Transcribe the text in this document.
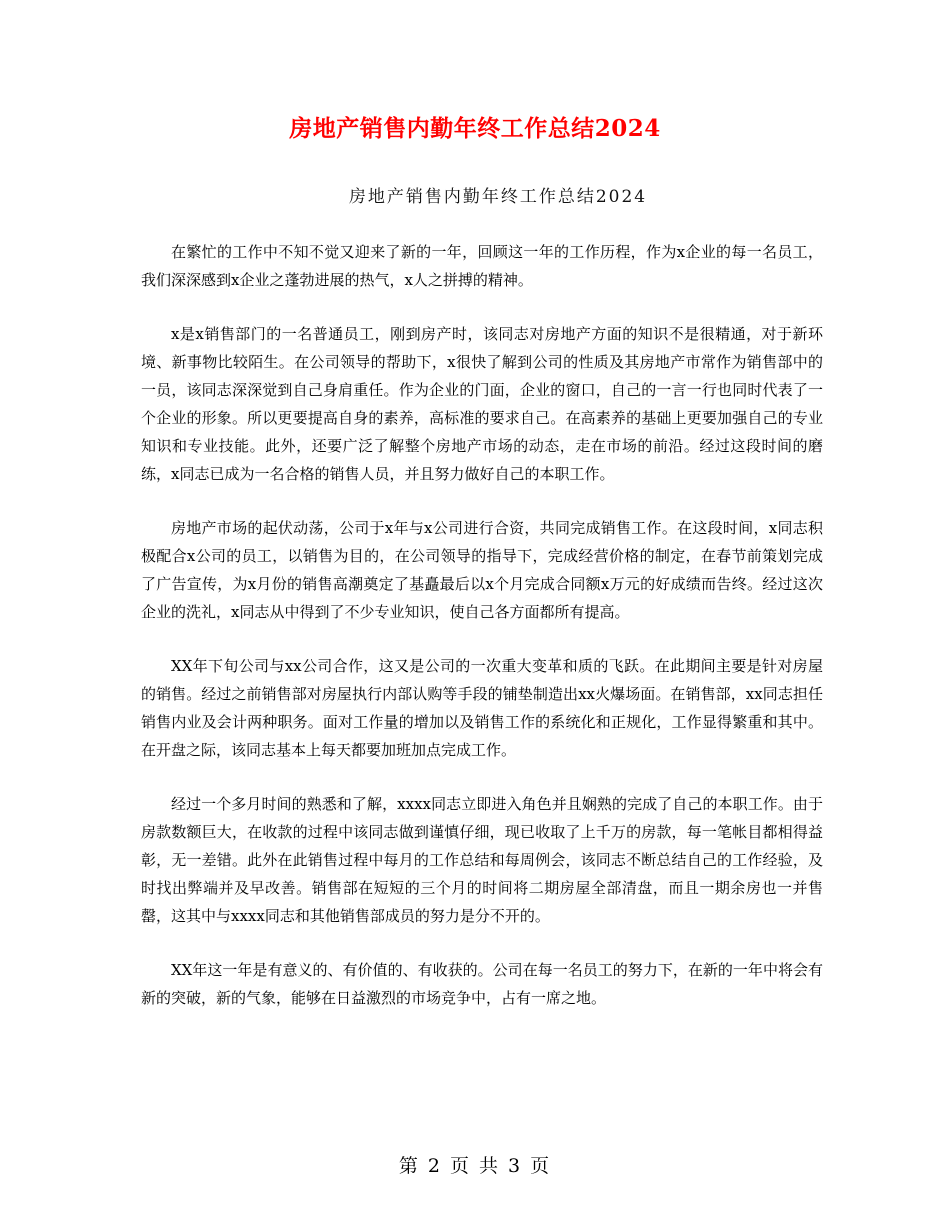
房地产销售内勤年终工作总结2024
房地产销售内勤年终工作总结2024

在繁忙的工作中不知不觉又迎来了新的一年，回顾这一年的工作历程，作为x企业的每一名员工，我们深深感到x企业之蓬勃进展的热气，x人之拼搏的精神。

x是x销售部门的一名普通员工，刚到房产时，该同志对房地产方面的知识不是很精通，对于新环境、新事物比较陌生。在公司领导的帮助下，x很快了解到公司的性质及其房地产市常作为销售部中的一员，该同志深深觉到自己身肩重任。作为企业的门面，企业的窗口，自己的一言一行也同时代表了一个企业的形象。所以更要提高自身的素养，高标准的要求自己。在高素养的基础上更要加强自己的专业知识和专业技能。此外，还要广泛了解整个房地产市场的动态，走在市场的前沿。经过这段时间的磨练，x同志已成为一名合格的销售人员，并且努力做好自己的本职工作。

房地产市场的起伏动荡，公司于x年与x公司进行合资，共同完成销售工作。在这段时间，x同志积极配合x公司的员工，以销售为目的，在公司领导的指导下，完成经营价格的制定，在春节前策划完成了广告宣传，为x月份的销售高潮奠定了基矗最后以x个月完成合同额x万元的好成绩而告终。经过这次企业的洗礼，x同志从中得到了不少专业知识，使自己各方面都所有提高。

XX年下旬公司与xx公司合作，这又是公司的一次重大变革和质的飞跃。在此期间主要是针对房屋的销售。经过之前销售部对房屋执行内部认购等手段的铺垫制造出xx火爆场面。在销售部，xx同志担任销售内业及会计两种职务。面对工作量的增加以及销售工作的系统化和正规化，工作显得繁重和其中。在开盘之际，该同志基本上每天都要加班加点完成工作。

经过一个多月时间的熟悉和了解，xxxx同志立即进入角色并且娴熟的完成了自己的本职工作。由于房款数额巨大，在收款的过程中该同志做到谨慎仔细，现已收取了上千万的房款，每一笔帐目都相得益彰，无一差错。此外在此销售过程中每月的工作总结和每周例会，该同志不断总结自己的工作经验，及时找出弊端并及早改善。销售部在短短的三个月的时间将二期房屋全部清盘，而且一期余房也一并售罄，这其中与xxxx同志和其他销售部成员的努力是分不开的。

XX年这一年是有意义的、有价值的、有收获的。公司在每一名员工的努力下，在新的一年中将会有新的突破，新的气象，能够在日益激烈的市场竞争中，占有一席之地。

第 2 页 共 3 页
